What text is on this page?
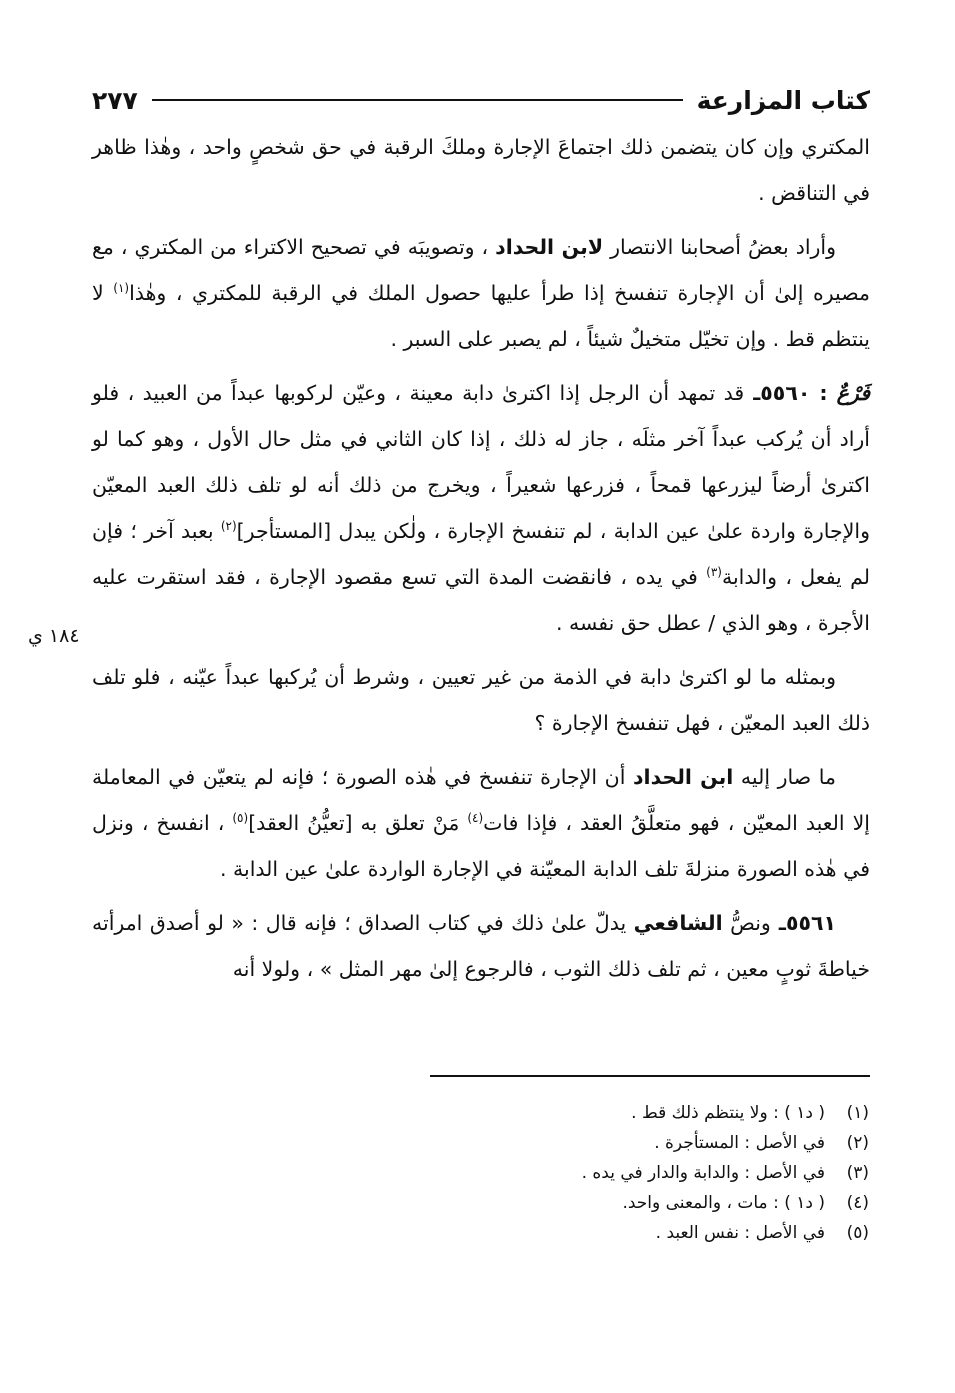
كتاب المزارعة
٢٧٧

المكتري وإن كان يتضمن ذلك اجتماعَ الإجارة وملكَ الرقبة في حق شخصٍ واحد ، وهٰذا ظاهر في التناقض .

وأراد بعضُ أصحابنا الانتصار لابن الحداد ، وتصويبَه في تصحيح الاكتراء من المكتري ، مع مصيره إلىٰ أن الإجارة تنفسخ إذا طرأ عليها حصول الملك في الرقبة للمكتري ، وهٰذا$^{(١)}$ لا ينتظم قط . وإن تخيّل متخيلٌ شيئاً ، لم يصبر على السبر .

فَرْعٌ : ٥٥٦٠ـ قد تمهد أن الرجل إذا اكترىٰ دابة معينة ، وعيّن لركوبها عبداً من العبيد ، فلو أراد أن يُركب عبداً آخر مثلَه ، جاز له ذلك ، إذا كان الثاني في مثل حال الأول ، وهو كما لو اكترىٰ أرضاً ليزرعها قمحاً ، فزرعها شعيراً ، ويخرج من ذلك أنه لو تلف ذلك العبد المعيّن والإجارة واردة علىٰ عين الدابة ، لم تنفسخ الإجارة ، ولٰكن يبدل [المستأجر]$^{(٢)}$ بعبد آخر ؛ فإن لم يفعل ، والدابة$^{(٣)}$ في يده ، فانقضت المدة التي تسع مقصود الإجارة ، فقد استقرت عليه الأجرة ، وهو الذي / عطل حق نفسه .

وبمثله ما لو اكترىٰ دابة في الذمة من غير تعيين ، وشرط أن يُركبها عبداً عيّنه ، فلو تلف ذلك العبد المعيّن ، فهل تنفسخ الإجارة ؟

ما صار إليه ابن الحداد أن الإجارة تنفسخ في هٰذه الصورة ؛ فإنه لم يتعيّن في المعاملة إلا العبد المعيّن ، فهو متعلَّقُ العقد ، فإذا فات$^{(٤)}$ مَنْ تعلق به [تعيُّنُ العقد]$^{(٥)}$ ، انفسخ ، ونزل في هٰذه الصورة منزلةَ تلف الدابة المعيّنة في الإجارة الواردة علىٰ عين الدابة .

٥٥٦١ـ ونصُّ الشافعي يدلّ علىٰ ذلك في كتاب الصداق ؛ فإنه قال : « لو أصدق امرأته خياطةَ ثوبٍ معين ، ثم تلف ذلك الثوب ، فالرجوع إلىٰ مهر المثل » ، ولولا أنه

١٨٤ ي
(١)
( د١ ) : ولا ينتظم ذلك قط .
(٢)
في الأصل : المستأجرة .
(٣)
في الأصل : والدابة والدار في يده .
(٤)
( د١ ) : مات ، والمعنى واحد.
(٥)
في الأصل : نفس العبد .
